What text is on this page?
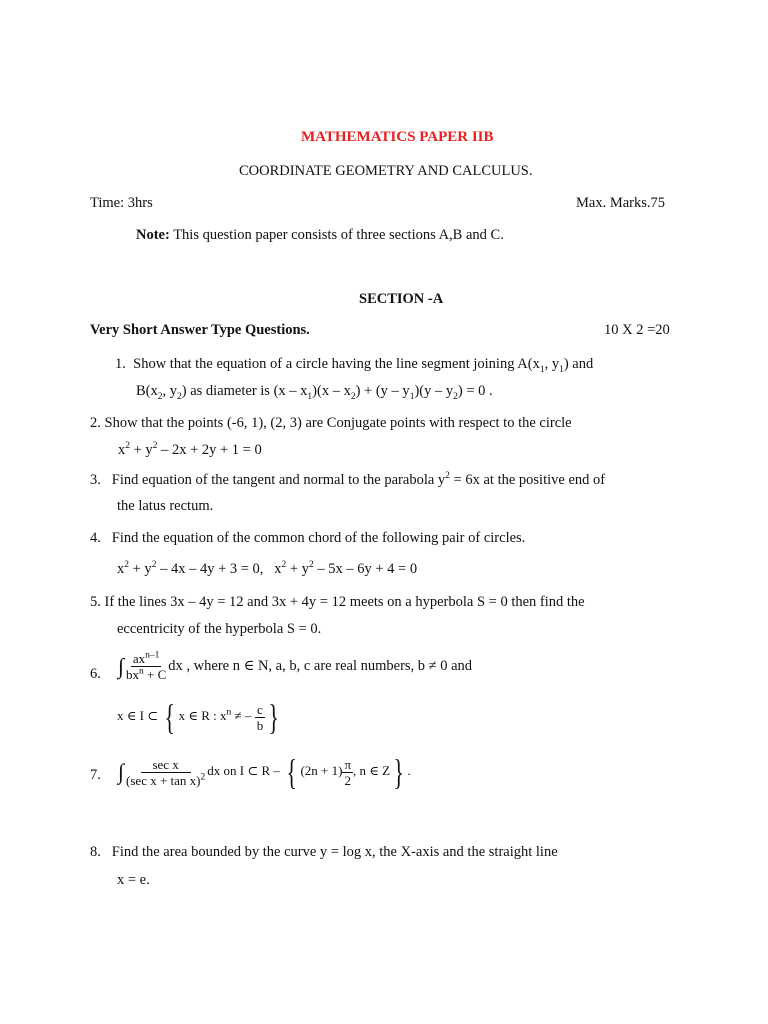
MATHEMATICS PAPER IIB
COORDINATE GEOMETRY AND CALCULUS.
Time: 3hrs	Max. Marks.75
Note: This question paper consists of three sections A,B and C.
SECTION -A
Very Short Answer Type Questions.	10 X 2 =20
1. Show that the equation of a circle having the line segment joining $A(x_1$, $y_1$) and
$B(x_2$, $y_2$) as diameter is $(x - x_1)(x - x_2) + (y - y_1)(y - y_2) = 0$ .
2. Show that the points (-6, 1), (2, 3) are Conjugate points with respect to the circle
$x^2 + y^2 - 2x + 2y + 1 = 0$
3. Find equation of the tangent and normal to the parabola $y^2 = 6x$ at the positive end of
the latus rectum.
4. Find the equation of the common chord of the following pair of circles.
$x^2 + y^2 - 4x - 4y + 3 = 0$,   $x^2 + y^2 - 5x - 6y + 4 = 0$
5. If the lines 3x – 4y = 12 and 3x + 4y = 12 meets on a hyperbola S = 0 then find the
eccentricity of the hyperbola S = 0.
6. ∫ $\frac{ax^{n-1}}{bx^n + C}$ dx , where n ∈ N, a, b, c are real numbers, b ≠ 0 and
x ∈ I ⊂ { x ∈ R : $x^n$ ≠ – $\frac{c}{b}$ }
7. ∫ $\frac{\text{sec x}}{(\sec x + \tan x)^2}$ dx on I ⊂ R – { $(2n + 1) \frac{\pi}{2}$ , n ∈ Z} .
8. Find the area bounded by the curve y = log x, the X-axis and the straight line
x = e.
